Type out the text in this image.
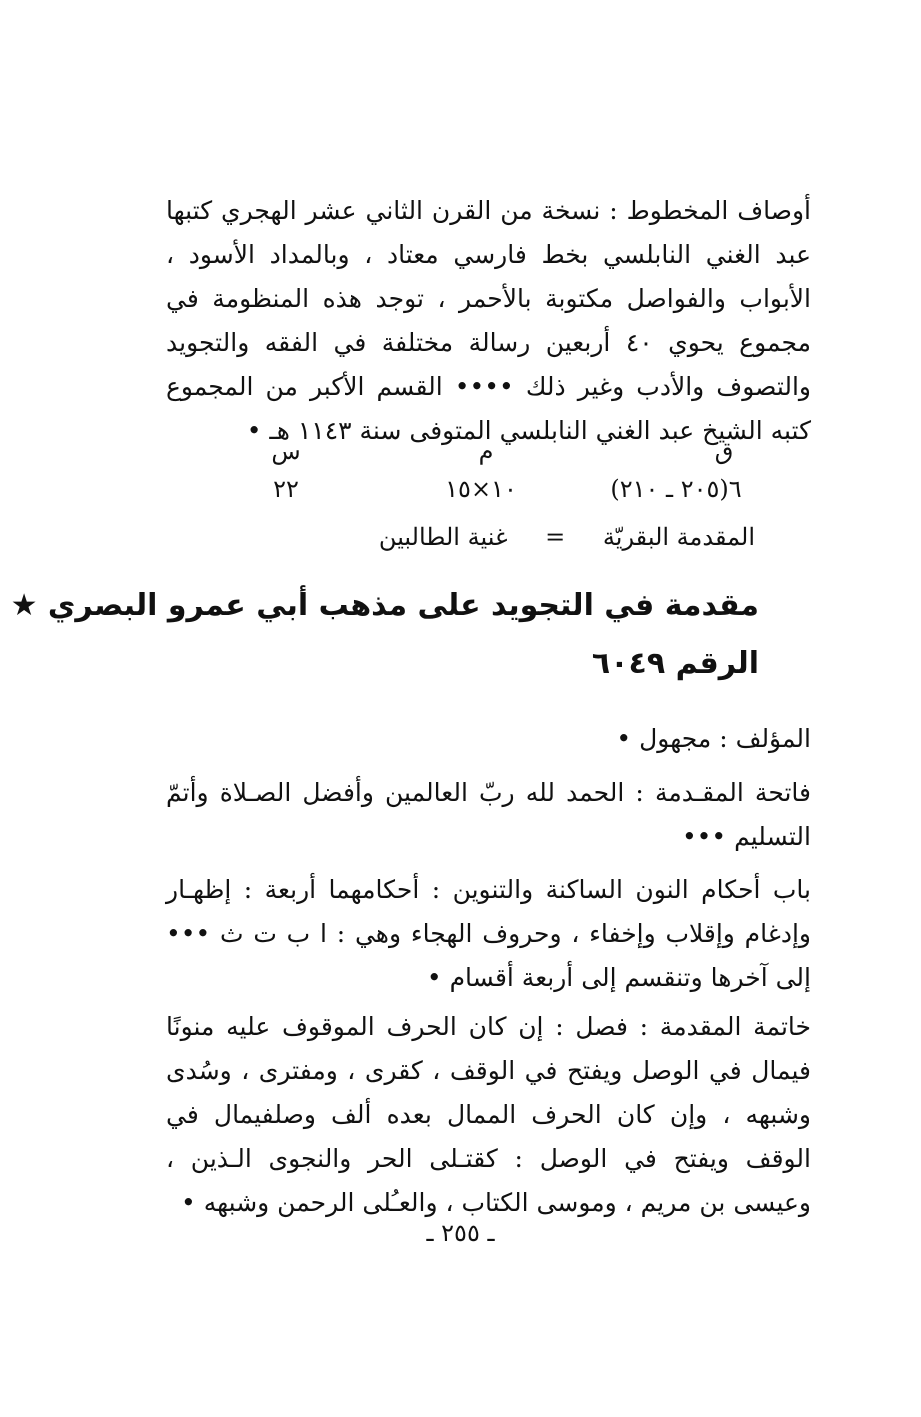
أوصاف المخطوط : نسخة من القرن الثاني عشر الهجري كتبها عبد الغني النابلسي بخط فارسي معتاد ، وبالمداد الأسود ، الأبواب والفواصل مكتوبة بالأحمر ، توجد هذه المنظومة في مجموع يحوي ٤٠ أربعين رسالة مختلفة في الفقه والتجويد والتصوف والأدب وغير ذلك •••• القسم الأكبر من المجموع كتبه الشيخ عبد الغني النابلسي المتوفى سنة ١١٤٣ هـ •

ق
م
س
٦(٢٠٥ ـ ٢١٠)
١٠×١٥
٢٢
المقدمة البقريّة = غنية الطالبين
مقدمة في التجويد على مذهب أبي عمرو البصري ★
الرقم ٦٠٤٩

المؤلف : مجهول •

فاتحة المقـدمة : الحمد لله ربّ العالمين وأفضل الصـلاة وأتمّ التسليم •••

باب أحكام النون الساكنة والتنوين : أحكامهما أربعة : إظهـار وإدغام وإقلاب وإخفاء ، وحروف الهجاء وهي : ا ب ت ث ••• إلى آخرها وتنقسم إلى أربعة أقسام •

خاتمة المقدمة : فصل : إن كان الحرف الموقوف عليه منونًا فيمال في الوصل ويفتح في الوقف ، كقرى ، ومفترى ، وسُدى وشبهه ، وإن كان الحرف الممال بعده ألف وصلفيمال في الوقف ويفتح في الوصل : كقتـلى الحر والنجوى الـذين ، وعيسى بن مريم ، وموسى الكتاب ، والعـُلى الرحمن وشبهه •

ـ ٢٥٥ ـ
